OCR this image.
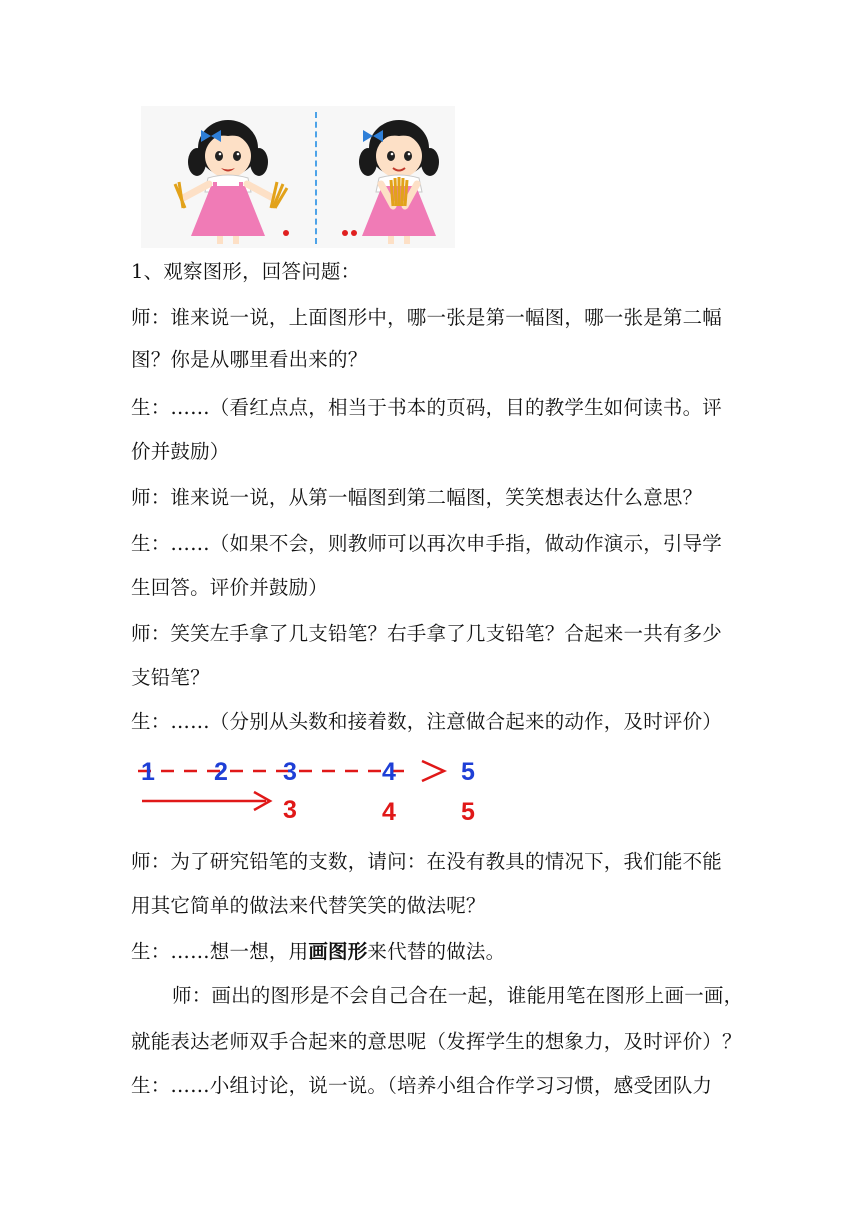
1、观察图形，回答问题：
师：谁来说一说，上面图形中，哪一张是第一幅图，哪一张是第二幅
图？你是从哪里看出来的？
生：……（看红点点，相当于书本的页码，目的教学生如何读书。评
价并鼓励）
师：谁来说一说，从第一幅图到第二幅图，笑笑想表达什么意思？
生：……（如果不会，则教师可以再次申手指，做动作演示，引导学
生回答。评价并鼓励）
师：笑笑左手拿了几支铅笔？右手拿了几支铅笔？合起来一共有多少
支铅笔？
生：……（分别从头数和接着数，注意做合起来的动作，及时评价）
1 2 3	4	5
3	4	5
师：为了研究铅笔的支数，请问：在没有教具的情况下，我们能不能
用其它简单的做法来代替笑笑的做法呢？
生：……想一想，用画图形来代替的做法。
师：画出的图形是不会自己合在一起，谁能用笔在图形上画一画，
就能表达老师双手合起来的意思呢（发挥学生的想象力，及时评价）？
生：……小组讨论，说一说。（培养小组合作学习习惯，感受团队力
